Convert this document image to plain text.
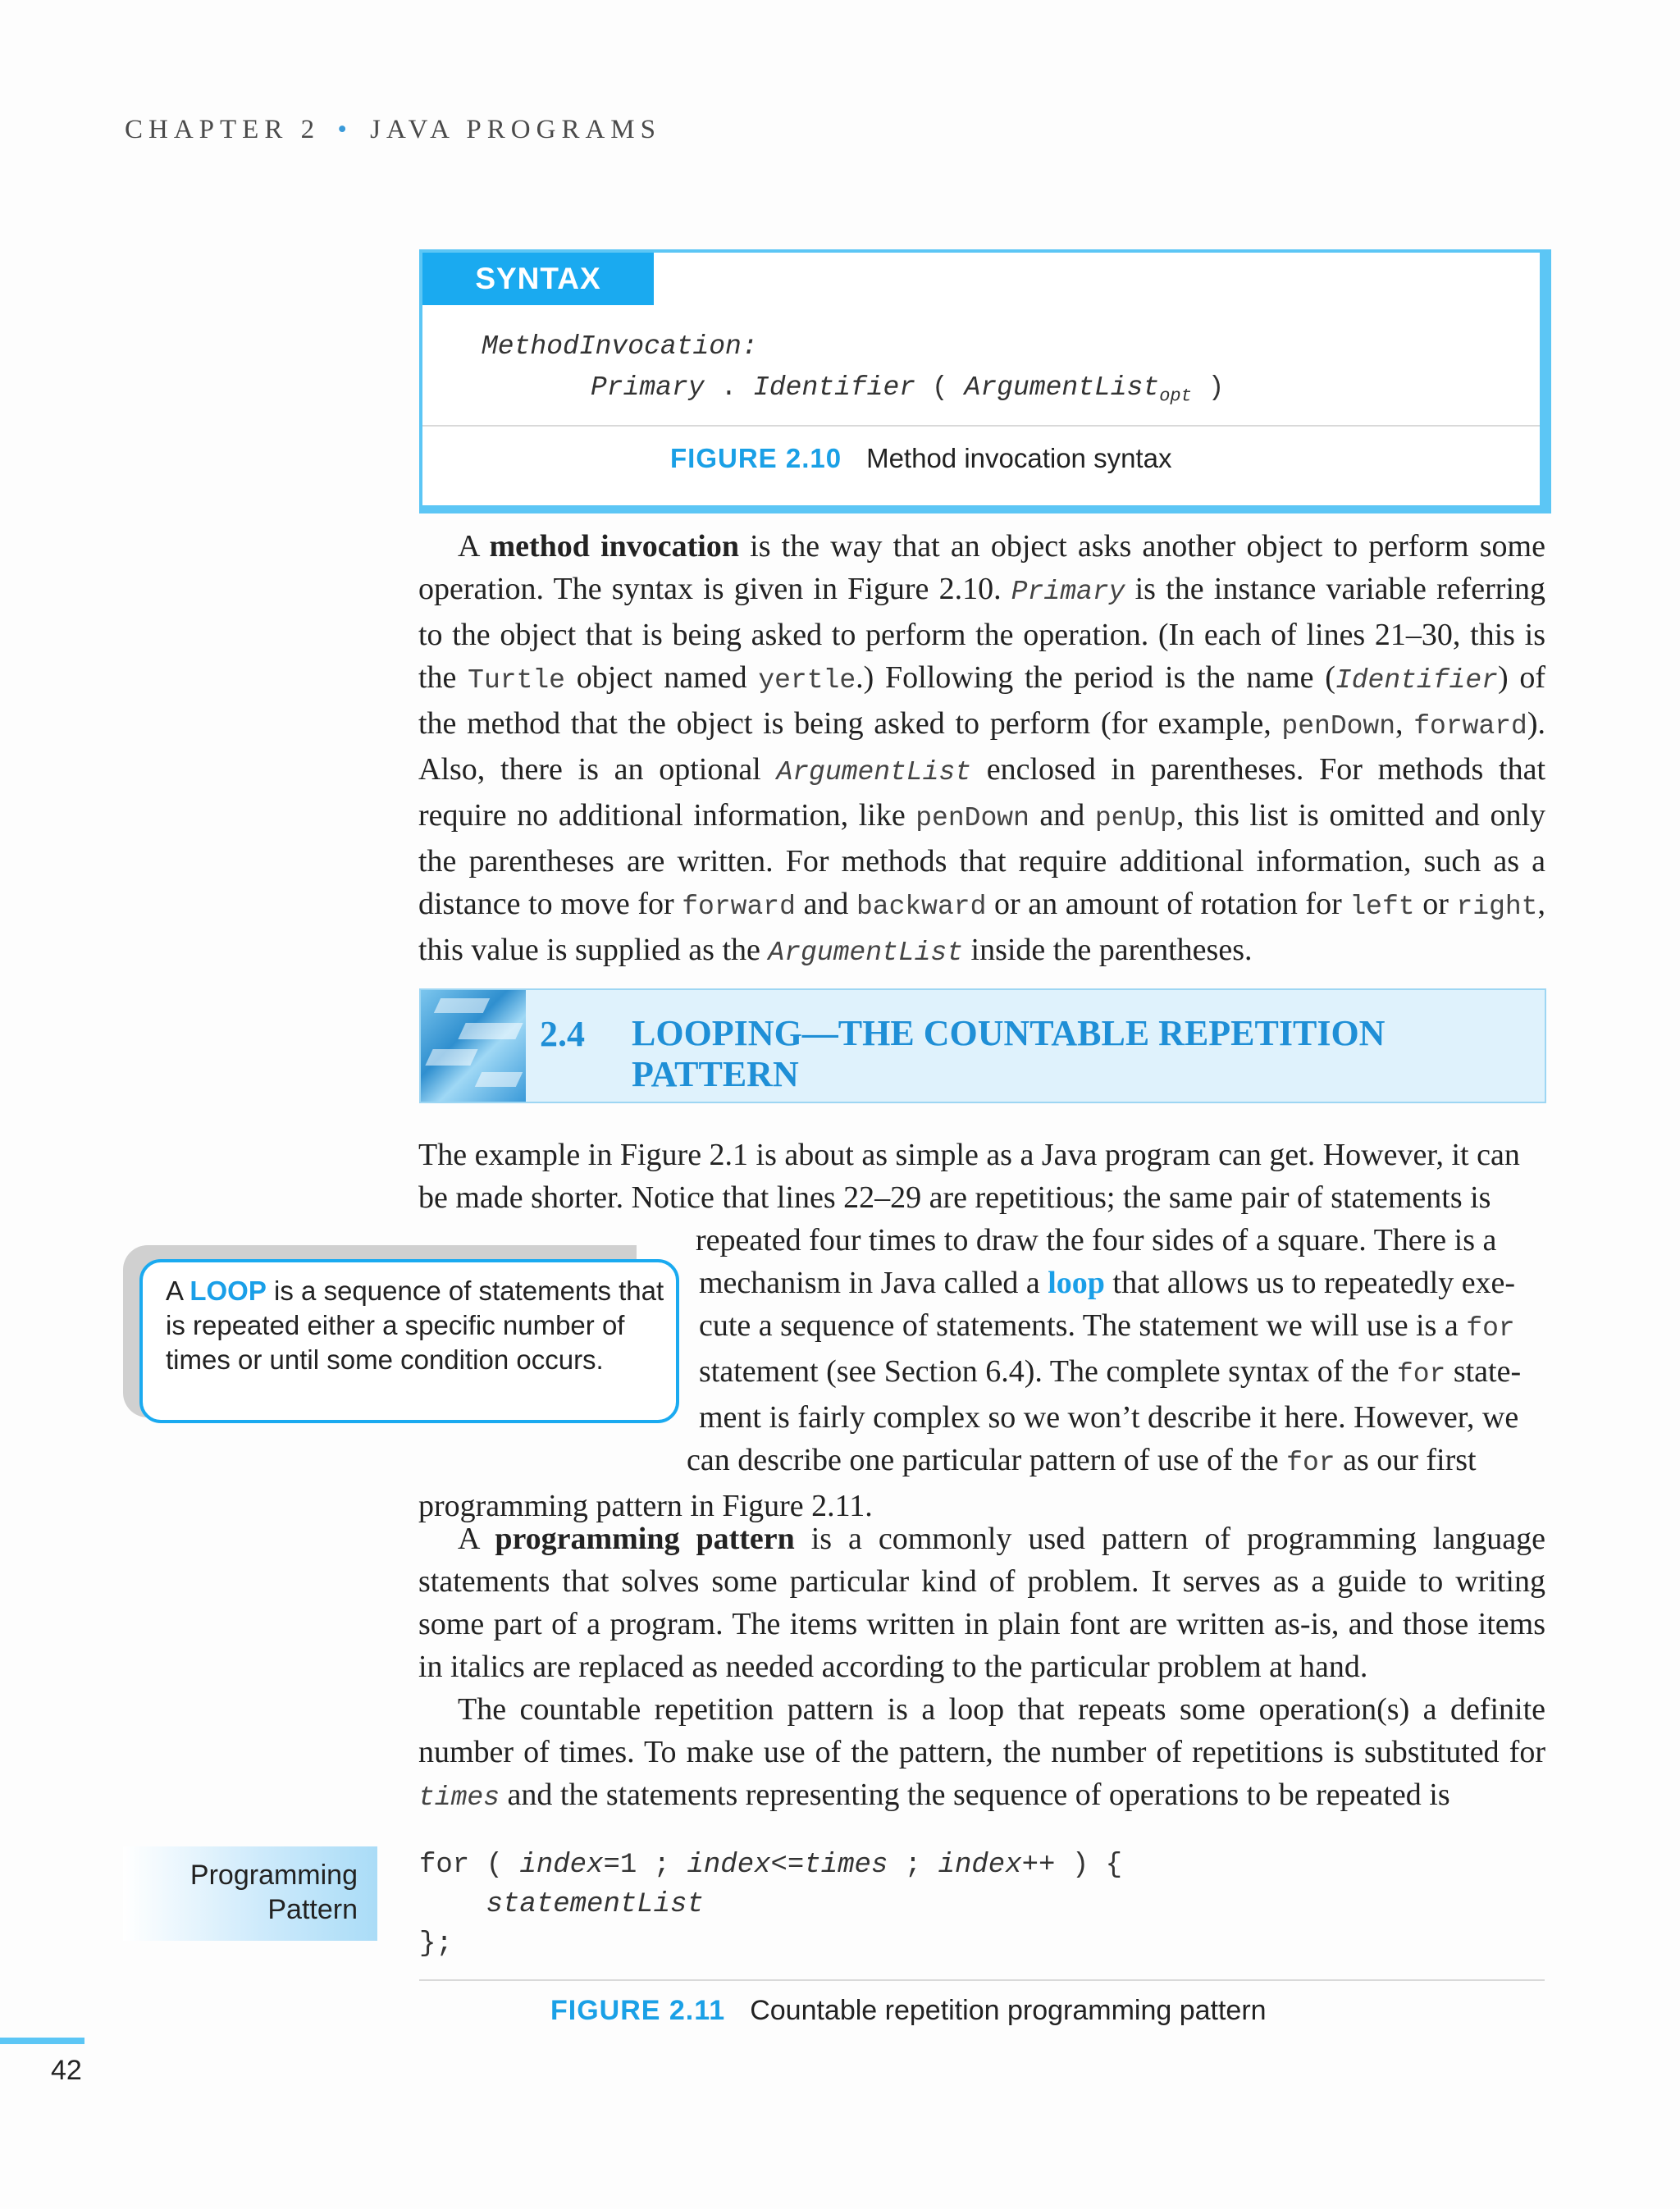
CHAPTER 2 • JAVA PROGRAMS
SYNTAX
MethodInvocation:
Primary . Identifier ( ArgumentList$_{opt}$ )
FIGURE 2.10 Method invocation syntax
A method invocation is the way that an object asks another object to perform some operation. The syntax is given in Figure 2.10. Primary is the instance variable referring to the object that is being asked to perform the operation. (In each of lines 21–30, this is the Turtle object named yertle.) Following the period is the name (Identifier) of the method that the object is being asked to perform (for example, penDown, forward). Also, there is an optional ArgumentList enclosed in parentheses. For methods that require no additional information, like penDown and penUp, this list is omitted and only the parentheses are written. For methods that require additional information, such as a distance to move for forward and backward or an amount of rotation for left or right, this value is supplied as the ArgumentList inside the parentheses.
2.4 LOOPING—THE COUNTABLE REPETITION PATTERN
The example in Figure 2.1 is about as simple as a Java program can get. However, it can
be made shorter. Notice that lines 22–29 are repetitious; the same pair of statements is
repeated four times to draw the four sides of a square. There is a
mechanism in Java called a loop that allows us to repeatedly exe-
cute a sequence of statements. The statement we will use is a for
statement (see Section 6.4). The complete syntax of the for state-
ment is fairly complex so we won’t describe it here. However, we
can describe one particular pattern of use of the for as our first
programming pattern in Figure 2.11.
A LOOP is a sequence of statements that is repeated either a specific number of times or until some condition occurs.
A programming pattern is a commonly used pattern of programming language statements that solves some particular kind of problem. It serves as a guide to writing some part of a program. The items written in plain font are written as-is, and those items in italics are replaced as needed according to the particular problem at hand.
The countable repetition pattern is a loop that repeats some operation(s) a definite number of times. To make use of the pattern, the number of repetitions is substituted for times and the statements representing the sequence of operations to be repeated is
Programming
Pattern
for ( index=1 ; index<=times ; index++ ) {
statementList
};
FIGURE 2.11 Countable repetition programming pattern
42
